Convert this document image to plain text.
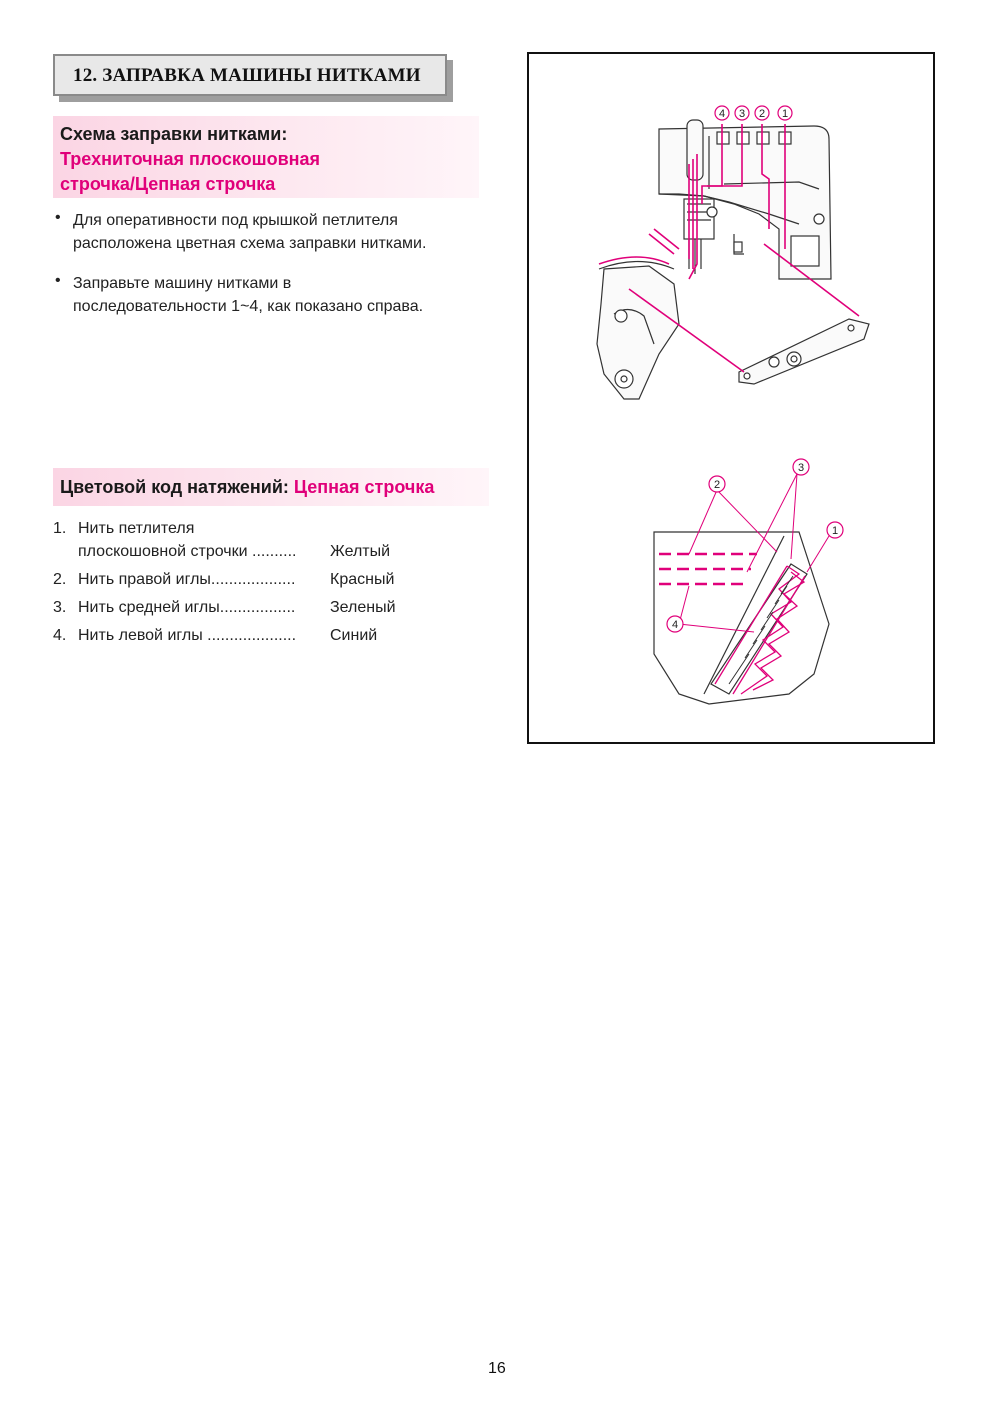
12. ЗАПРАВКА МАШИНЫ НИТКАМИ
Схема заправки нитками:
Трехниточная плоскошовная
строчка/Цепная строчка
• Для оперативности под крышкой петлителя
расположена цветная схема заправки нитками.
• Заправьте машину нитками в
последовательности 1~4, как показано справа.
Цветовой код натяжений: Цепная строчка
1. Нить петлителя
плоскошовной строчки .......... Желтый
2. Нить правой иглы................... Красный
3. Нить средней иглы................. Зеленый
4. Нить левой иглы .................... Синий
4 3 2 1
2
3
1
4
16
